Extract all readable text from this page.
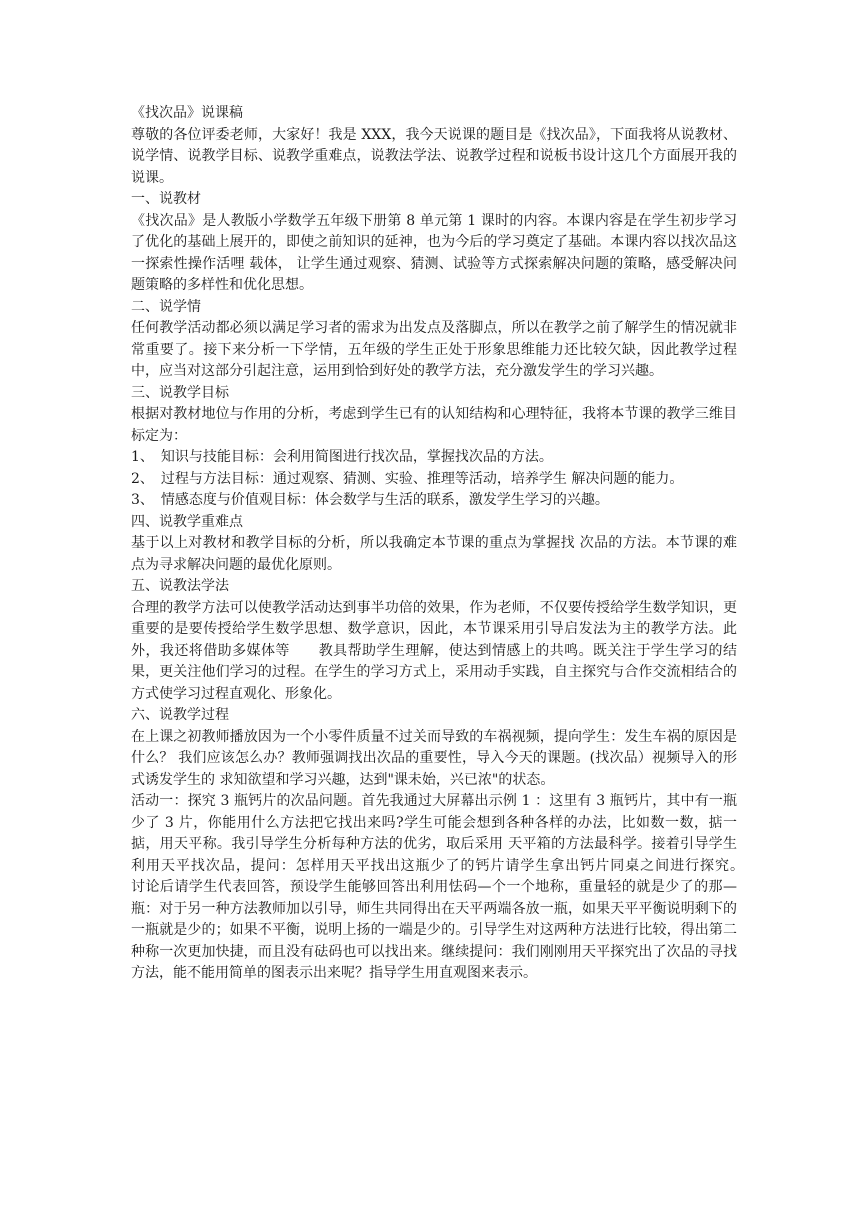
《找次品》说课稿

尊敬的各位评委老师，大家好！我是 XXX，我今天说课的题目是《找次品》，下面我将从说教材、说学情、说教学目标、说教学重难点，说教法学法、说教学过程和说板书设计这几个方面展开我的说课。

一、说教材

《找次品》是人教版小学数学五年级下册第 8 单元第 1 课时的内容。本课内容是在学生初步学习了优化的基础上展开的，即使之前知识的延神，也为今后的学习奠定了基础。本课内容以找次品这一探索性操作活哩 载体， 让学生通过观察、猜测、试验等方式探索解决问题的策略，感受解决问题策略的多样性和优化思想。

二、说学情

任何教学活动都必须以满足学习者的需求为出发点及落脚点，所以在教学之前了解学生的情况就非常重要了。接下来分析一下学情，五年级的学生正处于形象思维能力还比较欠缺，因此教学过程中，应当对这部分引起注意，运用到恰到好处的教学方法，充分激发学生的学习兴趣。

三、说教学目标

根据对教材地位与作用的分析，考虑到学生已有的认知结构和心理特征，我将本节课的教学三维目标定为：

1、　知识与技能目标：会利用简图进行找次品，掌握找次品的方法。

2、　过程与方法目标：通过观察、猜测、实验、推理等活动，培养学生 解决问题的能力。

3、　情感态度与价值观目标：体会数学与生活的联系，激发学生学习的兴趣。

四、说教学重难点

基于以上对教材和教学目标的分析，所以我确定本节课的重点为掌握找 次品的方法。本节课的难点为寻求解决问题的最优化原则。

五、说教法学法

合理的教学方法可以使教学活动达到事半功倍的效果，作为老师，不仅要传授给学生数学知识，更重要的是要传授给学生数学思想、数学意识，因此，本节课采用引导启发法为主的教学方法。此外，我还将借助多媒体等　　教具帮助学生理解，使达到情感上的共鸣。既关注于学生学习的结果，更关注他们学习的过程。在学生的学习方式上，采用动手实践，自主探究与合作交流相结合的方式使学习过程直观化、形象化。

六、说教学过程

在上课之初教师播放因为一个小零件质量不过关而导致的车祸视频，提向学生：发生车祸的原因是什么？ 我们应该怎么办？教师强调找出次品的重要性，导入今天的课题。(找次品）视频导入的形式诱发学生的 求知欲望和学习兴趣，达到"课未始，兴已浓"的状态。

活动一：探究 3 瓶钙片的次品问题。首先我通过大屏幕出示例 1 ：这里有 3 瓶钙片，其中有一瓶少了 3 片，你能用什么方法把它找出来吗?学生可能会想到各种各样的办法，比如数一数，掂一掂，用天平称。我引导学生分析每种方法的优劣，取后采用 天平箱的方法最科学。接着引导学生利用天平找次品，提问：怎样用天平找出这瓶少了的钙片请学生拿出钙片同桌之间进行探究。　　讨论后请学生代表回答，预设学生能够回答出利用怯码—个一个地称，重量轻的就是少了的那—瓶：对于另一种方法教师加以引导，师生共同得出在天平两端各放一瓶，如果天平平衡说明剩下的一瓶就是少的；如果不平衡，说明上扬的一端是少的。引导学生对这两种方法进行比较，得出第二种称一次更加快捷，而且没有砝码也可以找出来。继续提问：我们刚刚用天平探究出了次品的寻找方法，能不能用简单的图表示出来呢？指导学生用直观图来表示。
